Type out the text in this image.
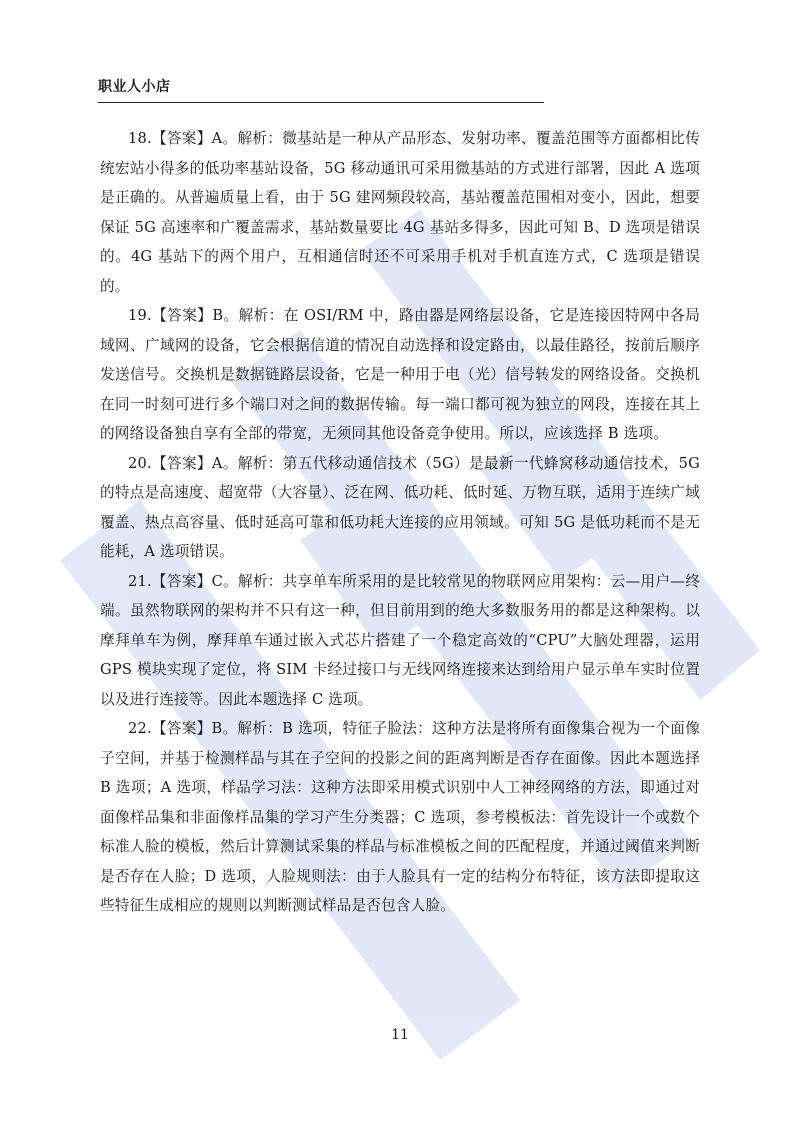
职业人小店

18.【答案】A。解析：微基站是一种从产品形态、发射功率、覆盖范围等方面都相比传统宏站小得多的低功率基站设备，5G 移动通讯可采用微基站的方式进行部署，因此 A 选项是正确的。从普遍质量上看，由于 5G 建网频段较高，基站覆盖范围相对变小，因此，想要保证 5G 高速率和广覆盖需求，基站数量要比 4G 基站多得多，因此可知 B、D 选项是错误的。4G 基站下的两个用户，互相通信时还不可采用手机对手机直连方式，C 选项是错误的。

19.【答案】B。解析：在 OSI/RM 中，路由器是网络层设备，它是连接因特网中各局域网、广域网的设备，它会根据信道的情况自动选择和设定路由，以最佳路径，按前后顺序发送信号。交换机是数据链路层设备，它是一种用于电（光）信号转发的网络设备。交换机在同一时刻可进行多个端口对之间的数据传输。每一端口都可视为独立的网段，连接在其上的网络设备独自享有全部的带宽，无须同其他设备竞争使用。所以，应该选择 B 选项。

20.【答案】A。解析：第五代移动通信技术（5G）是最新一代蜂窝移动通信技术，5G 的特点是高速度、超宽带（大容量）、泛在网、低功耗、低时延、万物互联，适用于连续广域覆盖、热点高容量、低时延高可靠和低功耗大连接的应用领域。可知 5G 是低功耗而不是无能耗，A 选项错误。

21.【答案】C。解析：共享单车所采用的是比较常见的物联网应用架构：云—用户—终端。虽然物联网的架构并不只有这一种，但目前用到的绝大多数服务用的都是这种架构。以摩拜单车为例，摩拜单车通过嵌入式芯片搭建了一个稳定高效的“CPU”大脑处理器，运用 GPS 模块实现了定位，将 SIM 卡经过接口与无线网络连接来达到给用户显示单车实时位置以及进行连接等。因此本题选择 C 选项。

22.【答案】B。解析：B 选项，特征子脸法：这种方法是将所有面像集合视为一个面像子空间，并基于检测样品与其在子空间的投影之间的距离判断是否存在面像。因此本题选择 B 选项；A 选项，样品学习法：这种方法即采用模式识别中人工神经网络的方法，即通过对面像样品集和非面像样品集的学习产生分类器；C 选项，参考模板法：首先设计一个或数个标准人脸的模板，然后计算测试采集的样品与标准模板之间的匹配程度，并通过阈值来判断是否存在人脸；D 选项，人脸规则法：由于人脸具有一定的结构分布特征，该方法即提取这些特征生成相应的规则以判断测试样品是否包含人脸。

11
